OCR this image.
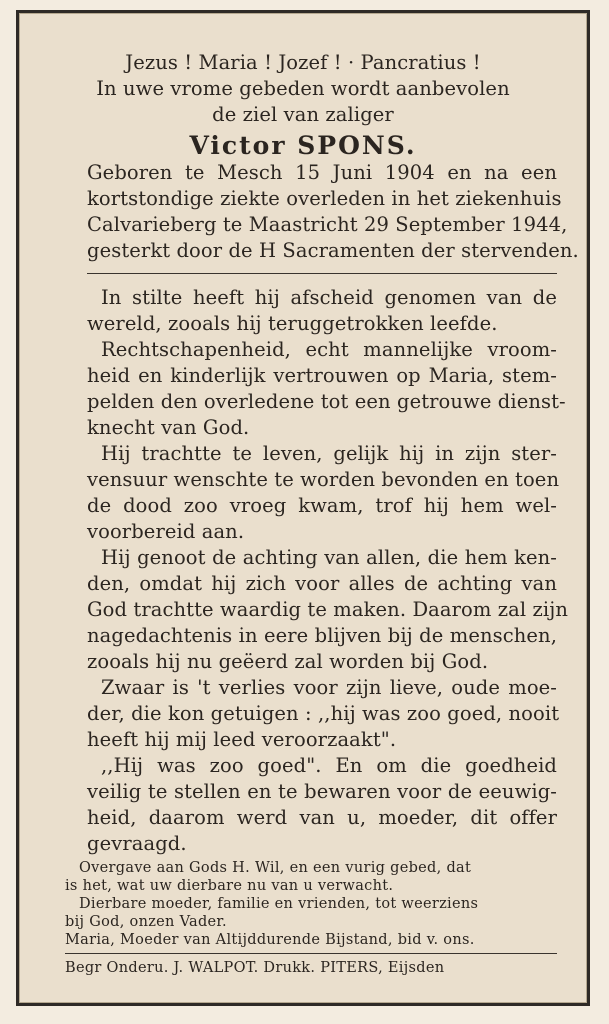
Jezus ! Maria ! Jozef ! · Pancratius !
In uwe vrome gebeden wordt aanbevolen
de ziel van zaliger
Victor SPONS.
Geboren te Mesch 15 Juni 1904 en na een
kortstondige ziekte overleden in het ziekenhuis
Calvarieberg te Maastricht 29 September 1944,
gesterkt door de H Sacramenten der stervenden.
In stilte heeft hij afscheid genomen van de
wereld, zooals hij teruggetrokken leefde.
Rechtschapenheid, echt mannelijke vroom-
heid en kinderlijk vertrouwen op Maria, stem-
pelden den overledene tot een getrouwe dienst-
knecht van God.
Hij trachtte te leven, gelijk hij in zijn ster-
vensuur wenschte te worden bevonden en toen
de dood zoo vroeg kwam, trof hij hem wel-
voorbereid aan.
Hij genoot de achting van allen, die hem ken-
den, omdat hij zich voor alles de achting van
God trachtte waardig te maken. Daarom zal zijn
nagedachtenis in eere blijven bij de menschen,
zooals hij nu geëerd zal worden bij God.
Zwaar is 't verlies voor zijn lieve, oude moe-
der, die kon getuigen : ,,hij was zoo goed, nooit
heeft hij mij leed veroorzaakt".
,,Hij was zoo goed". En om die goedheid
veilig te stellen en te bewaren voor de eeuwig-
heid, daarom werd van u, moeder, dit offer
gevraagd.
Overgave aan Gods H. Wil, en een vurig gebed, dat
is het, wat uw dierbare nu van u verwacht.
Dierbare moeder, familie en vrienden, tot weerziens
bij God, onzen Vader.
Maria, Moeder van Altijddurende Bijstand, bid v. ons.
Begr Onderu. J. WALPOT. Drukk. PITERS, Eijsden
